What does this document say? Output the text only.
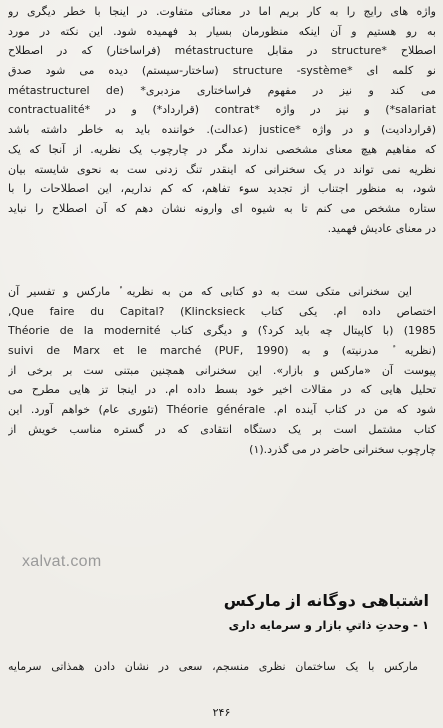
واژه های رایج را به کار بریم اما در معنائی متفاوت. در اینجا با خطر دیگری رو
به رو هستیم و آن اینکه منظورمان بسیار بد فهمیده شود. این نکته در مورد
اصطلاح *structure در مقابل métastructure (فراساختار) که در اصطلاح
نو کلمه ای *structure -système (ساختار-سیستم) دیده می شود صدق
می کند و نیز در مفهوم فراساختاری مزدبری* (métastructurel de
salariat*) و نیز در واژه *contrat (قرارداد*) و در *contractualité
(قراردادیت) و در واژه *justice (عدالت). خواننده باید به خاطر داشته باشد
که مفاهیم هیچ معنای مشخصی ندارند مگر در چارچوب یک نظریه. از آنجا که یک
نظریه نمی تواند در یک سخنرانی که اینقدر تنگ زدنی ست به نحوی شایسته بیان
شود، به منظور اجتناب از تجدید سوء تفاهم، که کم نداریم، این اصطلاحات را با
ستاره مشخص می کنم تا به شیوه ای وارونه نشان دهم که آن اصطلاح را نباید
در معنای عادیش فهمید.
این سخنرانی متکی ست به دو کتابی که من به نظریه ٔ مارکس و تفسیر آن
اختصاص داده ام. یکی کتاب Que faire du Capital? (Klincksieck,
1985) (با کاپیتال چه باید کرد؟) و دیگری کتاب Théorie de la modernité
(نظریه ٔ مدرنیته) و به suivi de Marx et le marché (PUF, 1990)
پیوست آن «مارکس و بازار». این سخنرانی همچنین مبتنی ست بر برخی از
تحلیل هایی که در مقالات اخیر خود بسط داده ام. در اینجا تز هایی مطرح می
شود که من در کتاب آینده ام. Théorie générale (تئوری عام) خواهم آورد. این
کتاب مشتمل است بر یک دستگاه انتقادی که در گستره مناسب خویش از
چارچوب سخنرانی حاضر در می گذرد.(۱)
xalvat.com
اشتباهی دوگانه از مارکس
۱ - وحدتِ ذاتیِ بازار و سرمایه داری
مارکس با یک ساختمان نظری منسجم، سعی در نشان دادن همذاتی سرمایه
۲۴۶
